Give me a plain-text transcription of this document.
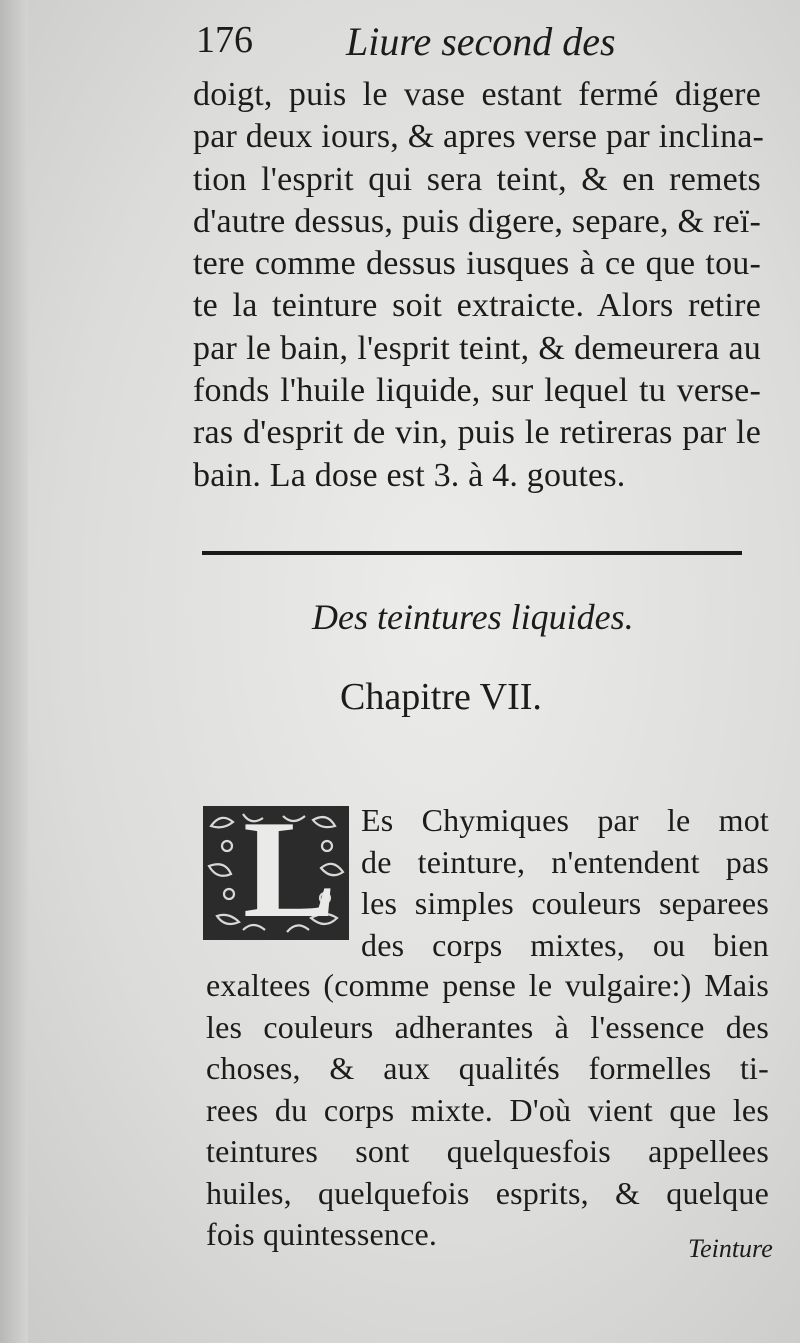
176 Liure second des
doigt, puis le vase estant fermé digere
par deux iours, & apres verse par inclina-
tion l'esprit qui sera teint, & en remets
d'autre dessus, puis digere, separe, & reï-
tere comme dessus iusques à ce que tou-
te la teinture soit extraicte. Alors retire
par le bain, l'esprit teint, & demeurera au
fonds l'huile liquide, sur lequel tu verse-
ras d'esprit de vin, puis le retireras par le
bain. La dose est 3. à 4. goutes.
Des teintures liquides.
Chapitre VII.
L Es Chymiques par le mot
de teinture, n'entendent pas
les simples couleurs separees
des corps mixtes, ou bien
exaltees (comme pense le vulgaire:) Mais
les couleurs adherantes à l'essence des
choses, & aux qualités formelles ti-
rees du corps mixte. D'où vient que les
teintures sont quelquesfois appellees
huiles, quelquefois esprits, & quelque
fois quintessence.	Teinture
